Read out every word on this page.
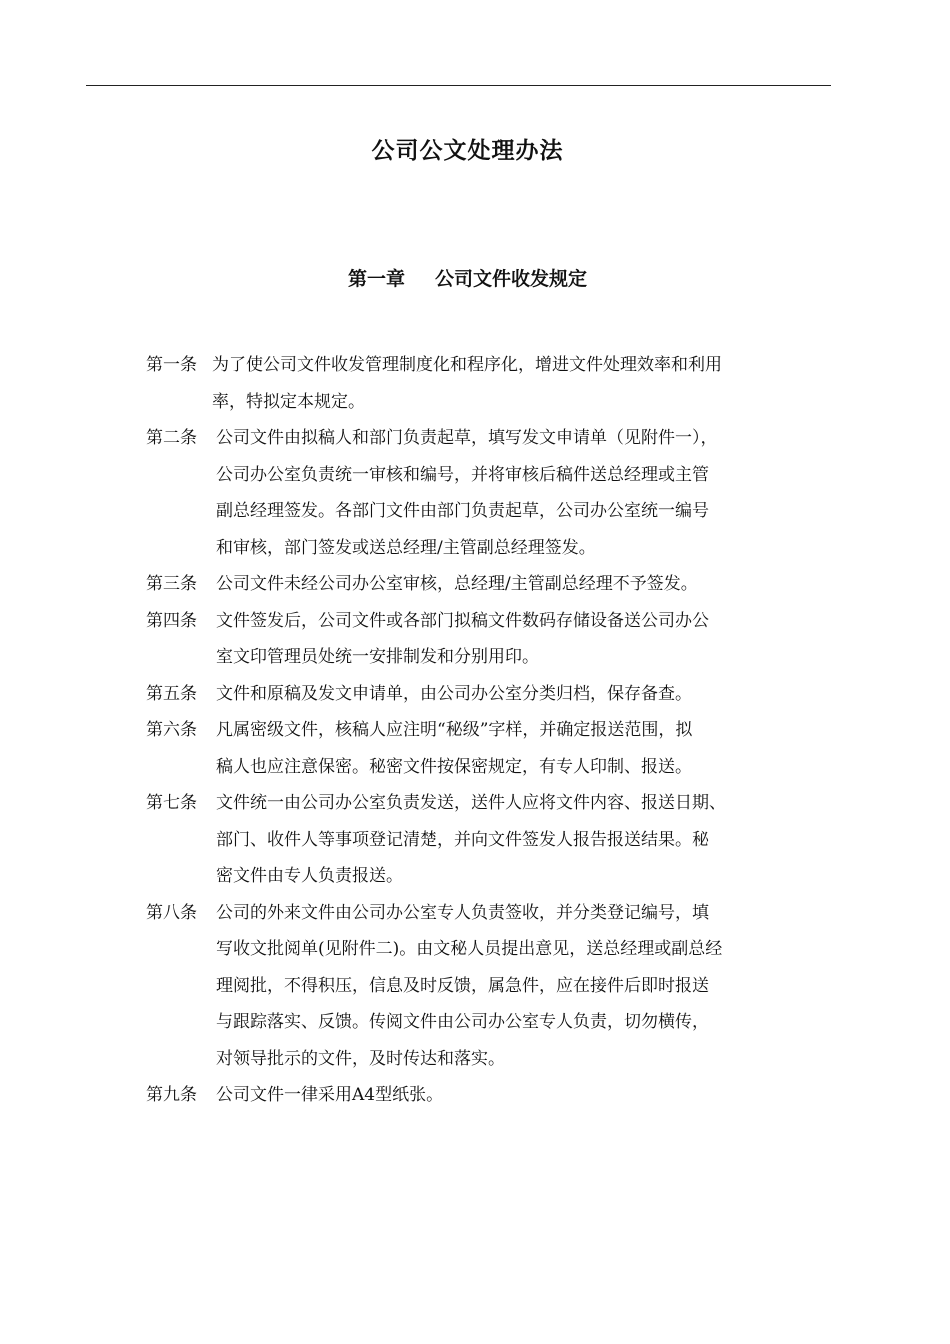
公司公文处理办法
第一章 公司文件收发规定
第一条 为了使公司文件收发管理制度化和程序化，增进文件处理效率和利用
率，特拟定本规定。
第二条	公司文件由拟稿人和部门负责起草，填写发文申请单（见附件一），
公司办公室负责统一审核和编号，并将审核后稿件送总经理或主管
副总经理签发。各部门文件由部门负责起草，公司办公室统一编号
和审核，部门签发或送总经理/主管副总经理签发。
第三条	公司文件未经公司办公室审核，总经理/主管副总经理不予签发。
第四条	文件签发后，公司文件或各部门拟稿文件数码存储设备送公司办公
室文印管理员处统一安排制发和分别用印。
第五条	文件和原稿及发文申请单，由公司办公室分类归档，保存备查。
第六条	凡属密级文件，核稿人应注明“秘级”字样，并确定报送范围，拟
稿人也应注意保密。秘密文件按保密规定，有专人印制、报送。
第七条	文件统一由公司办公室负责发送，送件人应将文件内容、报送日期、
部门、收件人等事项登记清楚，并向文件签发人报告报送结果。秘
密文件由专人负责报送。
第八条	公司的外来文件由公司办公室专人负责签收，并分类登记编号，填
写收文批阅单(见附件二)。由文秘人员提出意见，送总经理或副总经
理阅批，不得积压，信息及时反馈，属急件，应在接件后即时报送
与跟踪落实、反馈。传阅文件由公司办公室专人负责，切勿横传，
对领导批示的文件，及时传达和落实。
第九条	公司文件一律采用A4型纸张。
